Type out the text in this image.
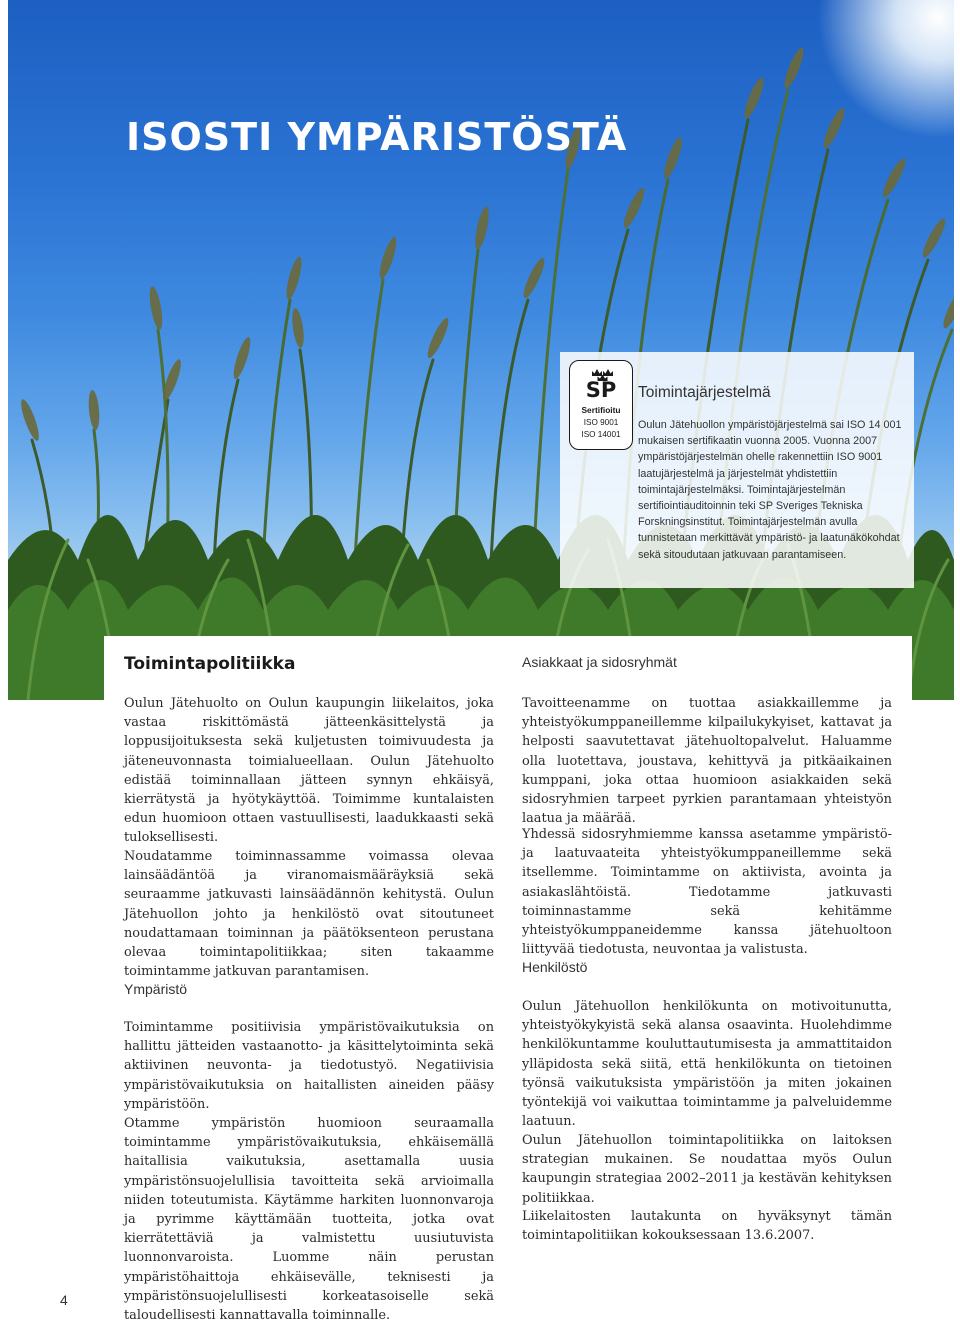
ISOSTI YMPÄRISTÖSTÄ
SP
Sertifioitu
ISO 9001
ISO 14001
Toimintajärjestelmä

Oulun Jätehuollon ympäristöjärjestelmä sai ISO 14 001 mukaisen sertifikaatin vuonna 2005. Vuonna 2007 ympäristöjärjestelmän ohelle rakennettiin ISO 9001 laatujärjestelmä ja järjestelmät yhdistettiin toimintajärjestelmäksi. Toimintajärjestelmän sertifiointiauditoinnin teki SP Sveriges Tekniska Forskningsinstitut. Toimintajärjestelmän avulla tunnistetaan merkittävät ympäristö- ja laatunäkökohdat sekä sitoudutaan jatkuvaan parantamiseen.

Toimintapolitiikka

Oulun Jätehuolto on Oulun kaupungin liikelaitos, joka vastaa riskittömästä jätteenkäsittelystä ja loppusijoituksesta sekä kuljetusten toimivuudesta ja jäteneuvonnasta toimialueellaan. Oulun Jätehuolto edistää toiminnallaan jätteen synnyn ehkäisyä, kierrätystä ja hyötykäyttöä. Toimimme kuntalaisten edun huomioon ottaen vastuullisesti, laadukkaasti sekä tuloksellisesti.

Noudatamme toiminnassamme voimassa olevaa lainsäädäntöä ja viranomaismääräyksiä sekä seuraamme jatkuvasti lainsäädännön kehitystä. Oulun Jätehuollon johto ja henkilöstö ovat sitoutuneet noudattamaan toiminnan ja päätöksenteon perustana olevaa toimintapolitiikkaa; siten takaamme toimintamme jatkuvan parantamisen.

Ympäristö

Toimintamme positiivisia ympäristövaikutuksia on hallittu jätteiden vastaanotto- ja käsittelytoiminta sekä aktiivinen neuvonta- ja tiedotustyö. Negatiivisia ympäristövaikutuksia on haitallisten aineiden pääsy ympäristöön.

Otamme ympäristön huomioon seuraamalla toimintamme ympäristövaikutuksia, ehkäisemällä haitallisia vaikutuksia, asettamalla uusia ympäristönsuojelullisia tavoitteita sekä arvioimalla niiden toteutumista. Käytämme harkiten luonnonvaroja ja pyrimme käyttämään tuotteita, jotka ovat kierrätettäviä ja valmistettu uusiutuvista luonnonvaroista. Luomme näin perustan ympäristöhaittoja ehkäisevälle, teknisesti ja ympäristönsuojelullisesti korkeatasoiselle sekä taloudellisesti kannattavalla toiminnalle.

Asiakkaat ja sidosryhmät

Tavoitteenamme on tuottaa asiakkaillemme ja yhteistyökumppaneillemme kilpailukykyiset, kattavat ja helposti saavutettavat jätehuoltopalvelut. Haluamme olla luotettava, joustava, kehittyvä ja pitkäaikainen kumppani, joka ottaa huomioon asiakkaiden sekä sidosryhmien tarpeet pyrkien parantamaan yhteistyön laatua ja määrää.

Yhdessä sidosryhmiemme kanssa asetamme ympäristö- ja laatuvaateita yhteistyökumppaneillemme sekä itsellemme. Toimintamme on aktiivista, avointa ja asiakaslähtöistä. Tiedotamme jatkuvasti toiminnastamme sekä kehitämme yhteistyökumppaneidemme kanssa jätehuoltoon liittyvää tiedotusta, neuvontaa ja valistusta.

Henkilöstö

Oulun Jätehuollon henkilökunta on motivoitunutta, yhteistyökykyistä sekä alansa osaavinta. Huolehdimme henkilökuntamme kouluttautumisesta ja ammattitaidon ylläpidosta sekä siitä, että henkilökunta on tietoinen työnsä vaikutuksista ympäristöön ja miten jokainen työntekijä voi vaikuttaa toimintamme ja palveluidemme laatuun.

Oulun Jätehuollon toimintapolitiikka on laitoksen strategian mukainen. Se noudattaa myös Oulun kaupungin strategiaa 2002–2011 ja kestävän kehityksen politiikkaa.

Liikelaitosten lautakunta on hyväksynyt tämän toimintapolitiikan kokouksessaan 13.6.2007.

4
